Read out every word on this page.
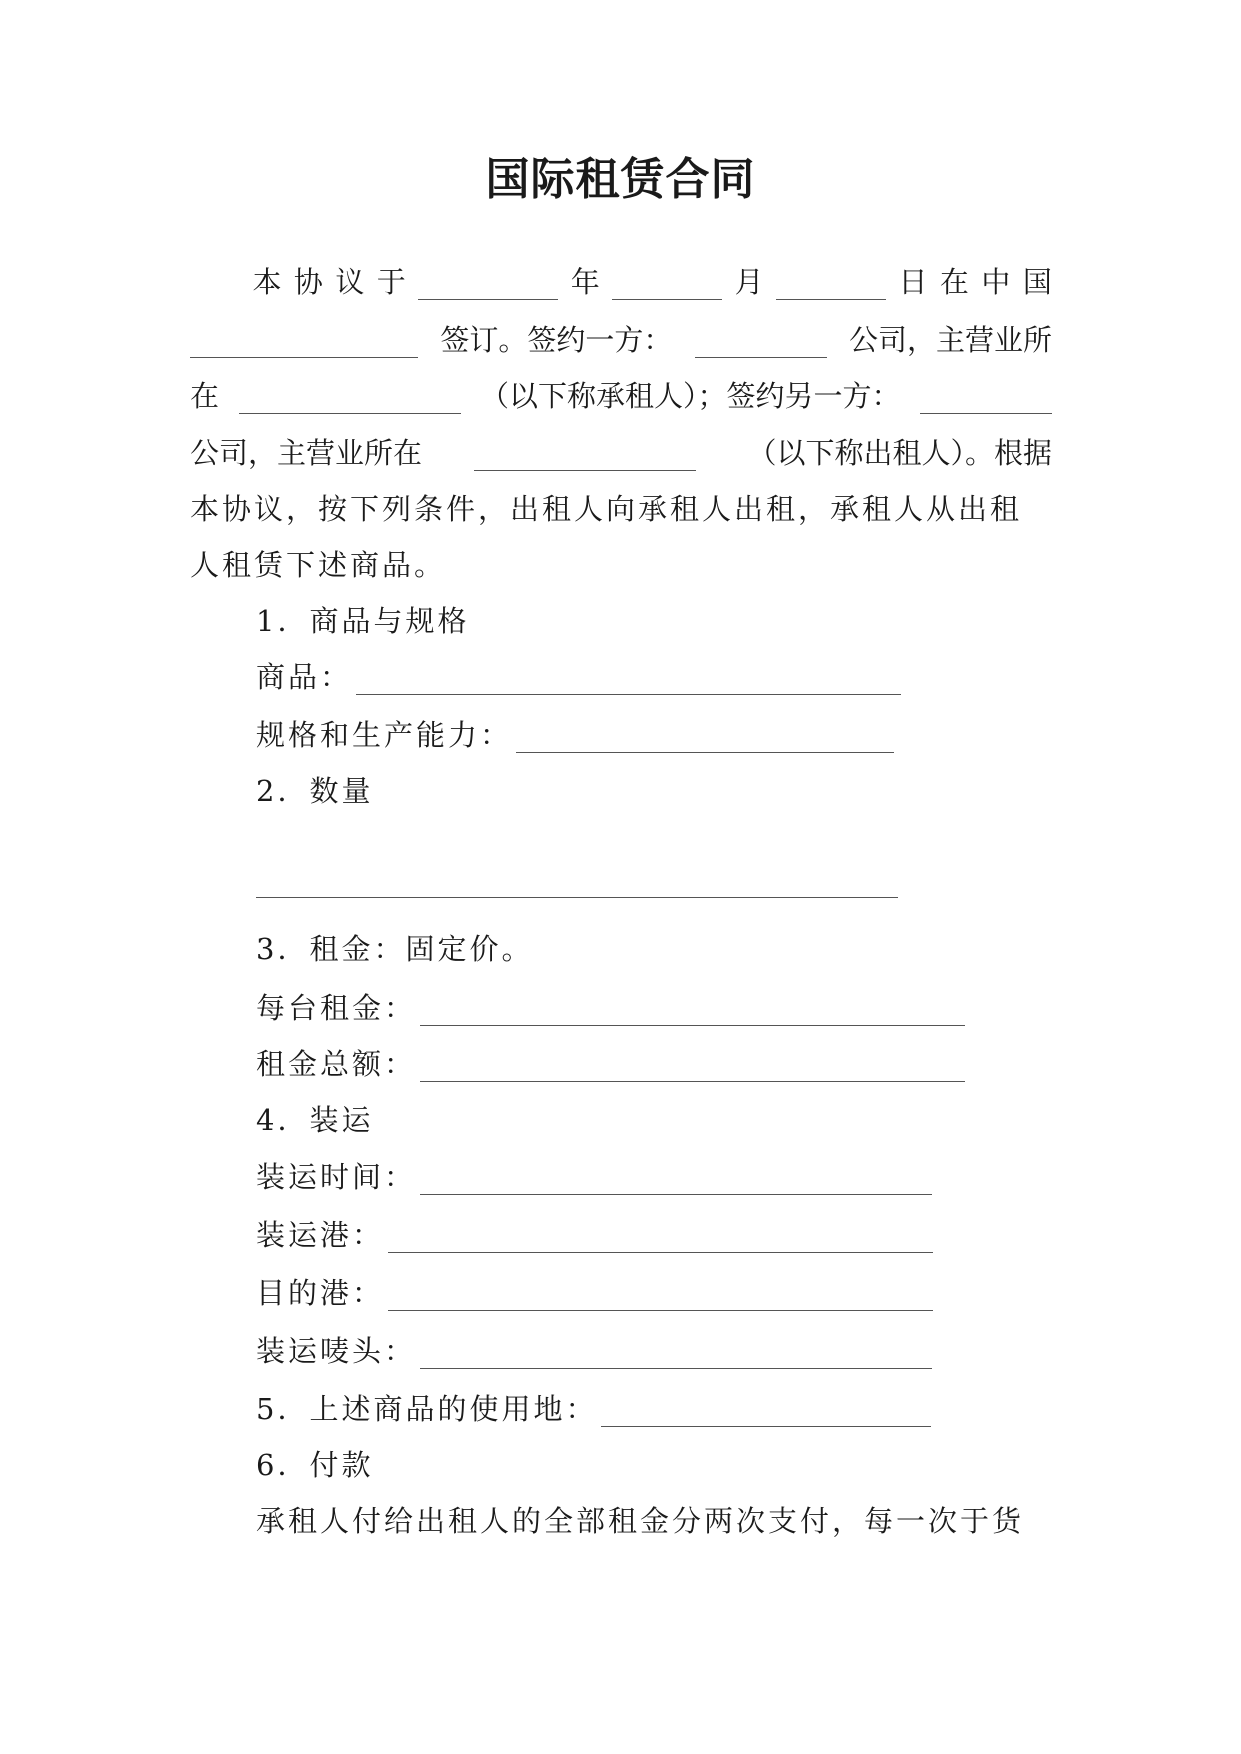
国际租赁合同
本 协 议 于	年	月	日 在 中 国
签订。签约一方：	公司，主营业所
在	（以下称承租人）；签约另一方：
公司，主营业所在	（以下称出租人）。根据
本协议，按下列条件，出租人向承租人出租，承租人从出租
人租赁下述商品。
1．商品与规格
商品：
规格和生产能力：
2．数量
3．租金：固定价。
每台租金：
租金总额：
4．装运
装运时间：
装运港：
目的港：
装运唛头：
5．上述商品的使用地：
6．付款
承租人付给出租人的全部租金分两次支付，每一次于货
